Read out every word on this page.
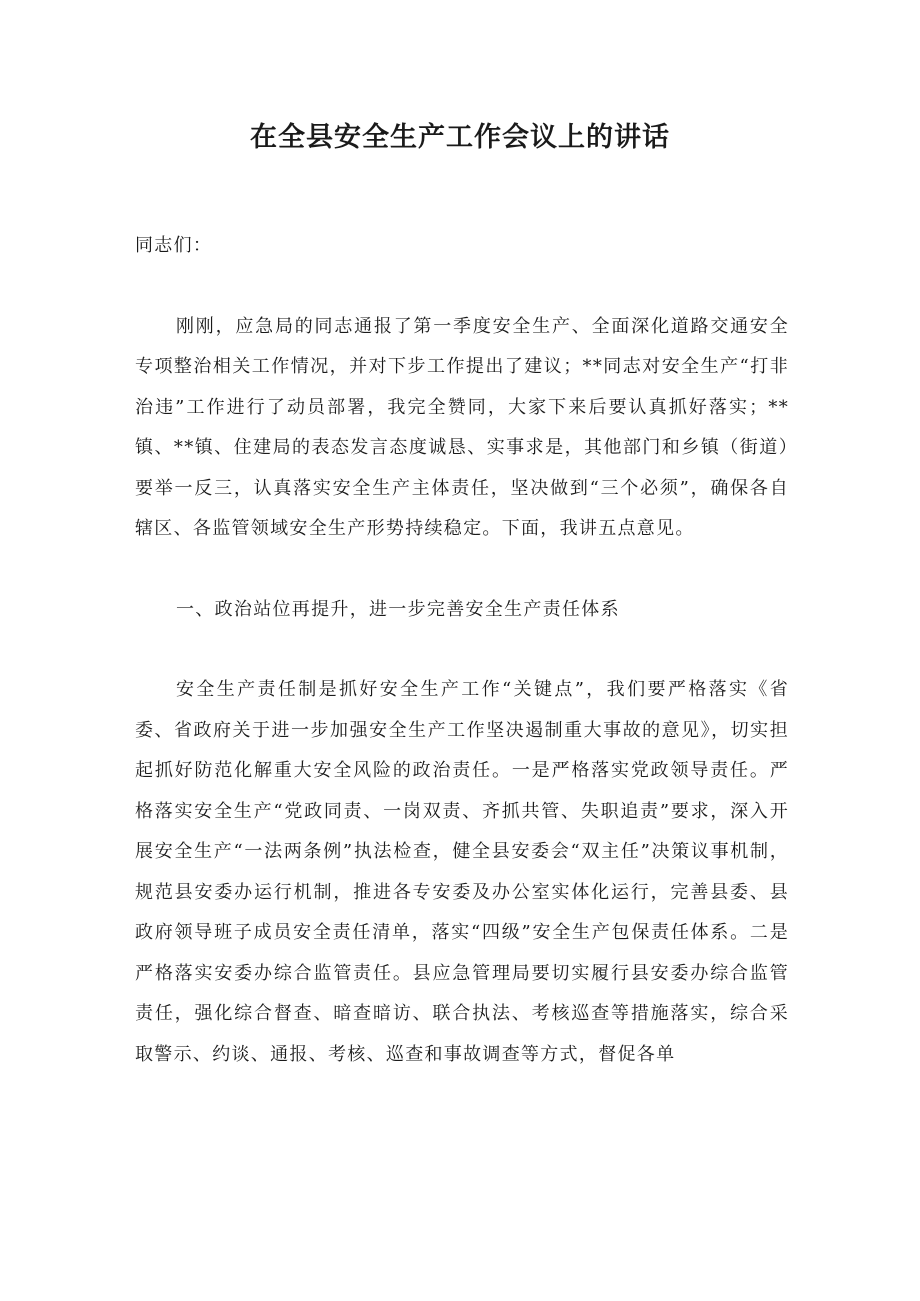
在全县安全生产工作会议上的讲话

同志们：

刚刚，应急局的同志通报了第一季度安全生产、全面深化道路交通安全专项整治相关工作情况，并对下步工作提出了建议；**同志对安全生产“打非治违”工作进行了动员部署，我完全赞同，大家下来后要认真抓好落实；**镇、**镇、住建局的表态发言态度诚恳、实事求是，其他部门和乡镇（街道）要举一反三，认真落实安全生产主体责任，坚决做到“三个必须”，确保各自辖区、各监管领域安全生产形势持续稳定。下面，我讲五点意见。

一、政治站位再提升，进一步完善安全生产责任体系

安全生产责任制是抓好安全生产工作“关键点”，我们要严格落实《省委、省政府关于进一步加强安全生产工作坚决遏制重大事故的意见》，切实担起抓好防范化解重大安全风险的政治责任。一是严格落实党政领导责任。严格落实安全生产“党政同责、一岗双责、齐抓共管、失职追责”要求，深入开展安全生产“一法两条例”执法检查，健全县安委会“双主任”决策议事机制，规范县安委办运行机制，推进各专安委及办公室实体化运行，完善县委、县政府领导班子成员安全责任清单，落实“四级”安全生产包保责任体系。二是严格落实安委办综合监管责任。县应急管理局要切实履行县安委办综合监管责任，强化综合督查、暗查暗访、联合执法、考核巡查等措施落实，综合采取警示、约谈、通报、考核、巡查和事故调查等方式，督促各单
